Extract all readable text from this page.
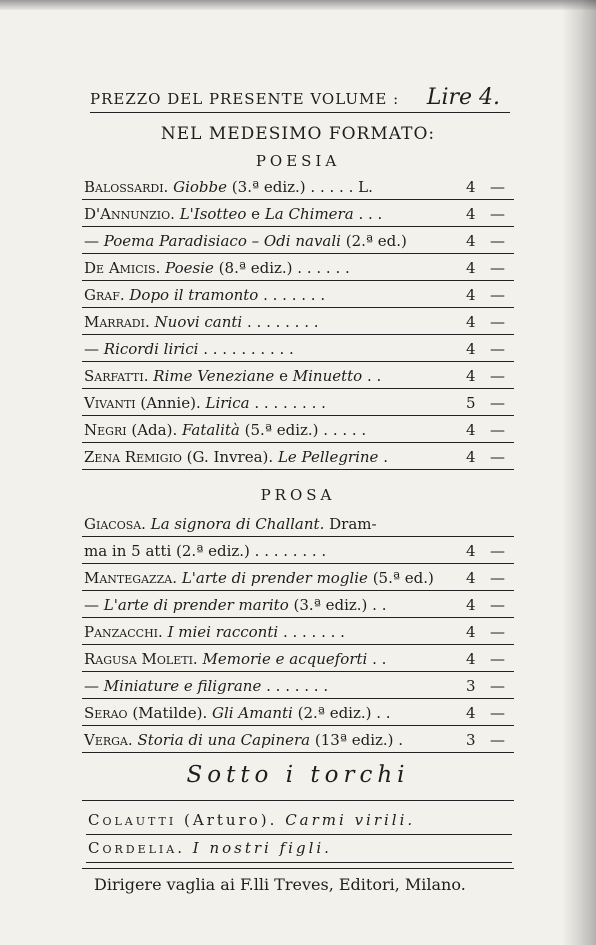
PREZZO DEL PRESENTE VOLUME : Lire 4.
NEL MEDESIMO FORMATO:
POESIA
Balossardi. Giobbe (3.ª ediz.) . . . . . L.	4 —
D'Annunzio. L'Isotteo e La Chimera . . .	4 —
— Poema Paradisiaco – Odi navali (2.ª ed.)	4 —
De Amicis. Poesie (8.ª ediz.) . . . . . .	4 —
Graf. Dopo il tramonto . . . . . . .	4 —
Marradi. Nuovi canti . . . . . . . .	4 —
— Ricordi lirici . . . . . . . . . .	4 —
Sarfatti. Rime Veneziane e Minuetto . .	4 —
Vivanti (Annie). Lirica . . . . . . . .	5 —
Negri (Ada). Fatalità (5.ª ediz.) . . . . .	4 —
Zena Remigio (G. Invrea). Le Pellegrine .	4 —
PROSA
Giacosa. La signora di Challant. Dram-
ma in 5 atti (2.ª ediz.) . . . . . . . .	4 —
Mantegazza. L'arte di prender moglie (5.ª ed.) 4 —
— L'arte di prender marito (3.ª ediz.) . .	4 —
Panzacchi. I miei racconti . . . . . . .	4 —
Ragusa Moleti. Memorie e acqueforti . .	4 —
— Miniature e filigrane . . . . . . .	3 —
Serao (Matilde). Gli Amanti (2.ª ediz.) . .	4 —
Verga. Storia di una Capinera (13ª ediz.) .	3 —
Sotto i torchi
Colautti (Arturo). Carmi virili.
Cordelia. I nostri figli.
Dirigere vaglia ai F.lli Treves, Editori, Milano.
